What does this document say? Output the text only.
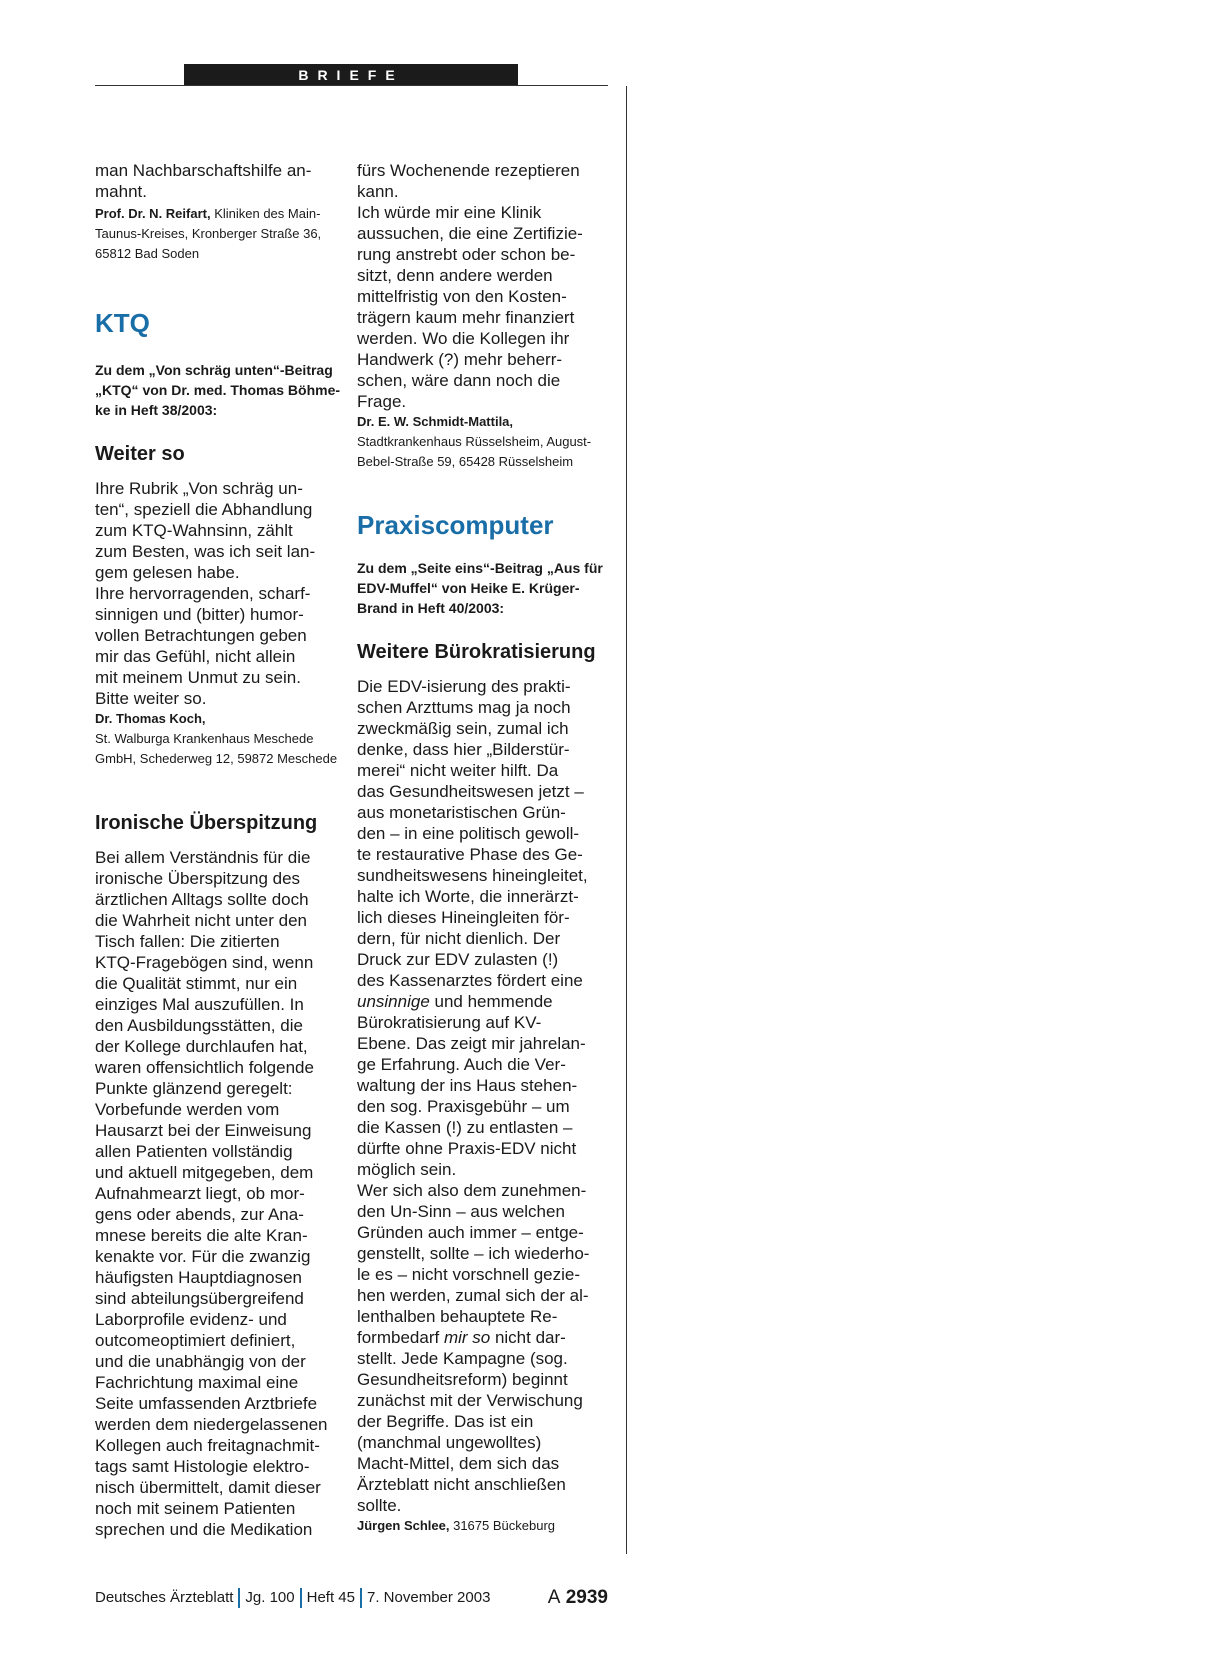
BRIEFE

man Nachbarschaftshilfe an-
mahnt.

Prof. Dr. N. Reifart, Kliniken des Main-
Taunus-Kreises, Kronberger Straße 36,
65812 Bad Soden

KTQ

Zu dem „Von schräg unten“-Beitrag
„KTQ“ von Dr. med. Thomas Böhme-
ke in Heft 38/2003:

Weiter so

Ihre Rubrik „Von schräg un-
ten“, speziell die Abhandlung
zum KTQ-Wahnsinn, zählt
zum Besten, was ich seit lan-
gem gelesen habe.
Ihre hervorragenden, scharf-
sinnigen und (bitter) humor-
vollen Betrachtungen geben
mir das Gefühl, nicht allein
mit meinem Unmut zu sein.
Bitte weiter so.

Dr. Thomas Koch,
St. Walburga Krankenhaus Meschede
GmbH, Schederweg 12, 59872 Meschede

Ironische Überspitzung

Bei allem Verständnis für die
ironische Überspitzung des
ärztlichen Alltags sollte doch
die Wahrheit nicht unter den
Tisch fallen: Die zitierten
KTQ-Fragebögen sind, wenn
die Qualität stimmt, nur ein
einziges Mal auszufüllen. In
den Ausbildungsstätten, die
der Kollege durchlaufen hat,
waren offensichtlich folgende
Punkte glänzend geregelt:
Vorbefunde werden vom
Hausarzt bei der Einweisung
allen Patienten vollständig
und aktuell mitgegeben, dem
Aufnahmearzt liegt, ob mor-
gens oder abends, zur Ana-
mnese bereits die alte Kran-
kenakte vor. Für die zwanzig
häufigsten Hauptdiagnosen
sind abteilungsübergreifend
Laborprofile evidenz- und
outcomeoptimiert definiert,
und die unabhängig von der
Fachrichtung maximal eine
Seite umfassenden Arztbriefe
werden dem niedergelassenen
Kollegen auch freitagnachmit-
tags samt Histologie elektro-
nisch übermittelt, damit dieser
noch mit seinem Patienten
sprechen und die Medikation

fürs Wochenende rezeptieren
kann.
Ich würde mir eine Klinik
aussuchen, die eine Zertifizie-
rung anstrebt oder schon be-
sitzt, denn andere werden
mittelfristig von den Kosten-
trägern kaum mehr finanziert
werden. Wo die Kollegen ihr
Handwerk (?) mehr beherr-
schen, wäre dann noch die
Frage.

Dr. E. W. Schmidt-Mattila,
Stadtkrankenhaus Rüsselsheim, August-
Bebel-Straße 59, 65428 Rüsselsheim

Praxiscomputer

Zu dem „Seite eins“-Beitrag „Aus für
EDV-Muffel“ von Heike E. Krüger-
Brand in Heft 40/2003:

Weitere Bürokratisierung

Die EDV-isierung des prakti-
schen Arzttums mag ja noch
zweckmäßig sein, zumal ich
denke, dass hier „Bilderstür-
merei“ nicht weiter hilft. Da
das Gesundheitswesen jetzt –
aus monetaristischen Grün-
den – in eine politisch gewoll-
te restaurative Phase des Ge-
sundheitswesens hineingleitet,
halte ich Worte, die innerärzt-
lich dieses Hineingleiten för-
dern, für nicht dienlich. Der
Druck zur EDV zulasten (!)
des Kassenarztes fördert eine
unsinnige und hemmende
Bürokratisierung auf KV-
Ebene. Das zeigt mir jahrelan-
ge Erfahrung. Auch die Ver-
waltung der ins Haus stehen-
den sog. Praxisgebühr – um
die Kassen (!) zu entlasten –
dürfte ohne Praxis-EDV nicht
möglich sein.
Wer sich also dem zunehmen-
den Un-Sinn – aus welchen
Gründen auch immer – entge-
genstellt, sollte – ich wiederho-
le es – nicht vorschnell gezie-
hen werden, zumal sich der al-
lenthalben behauptete Re-
formbedarf mir so nicht dar-
stellt. Jede Kampagne (sog.
Gesundheitsreform) beginnt
zunächst mit der Verwischung
der Begriffe. Das ist ein
(manchmal ungewolltes)
Macht-Mittel, dem sich das
Ärzteblatt nicht anschließen
sollte.

Jürgen Schlee, 31675 Bückeburg

Deutsches Ärzteblatt Jg. 100 Heft 45 7. November 2003	A 2939
